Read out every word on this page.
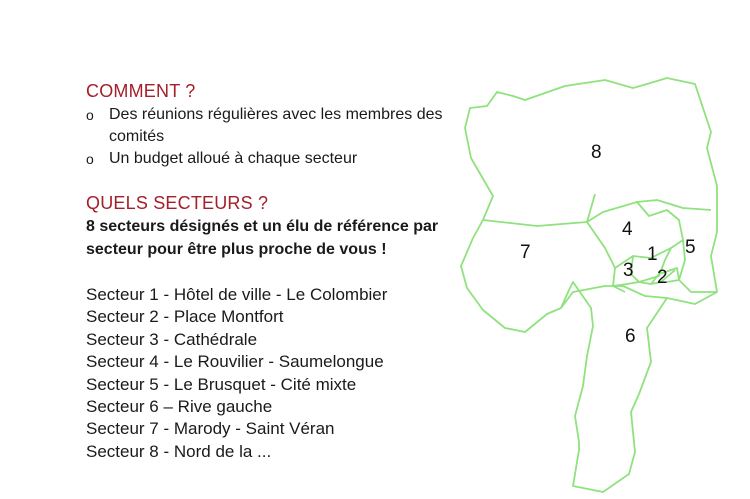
COMMENT ?
o Des réunions régulières avec les membres des comités
o Un budget alloué à chaque secteur
QUELS SECTEURS ?
8 secteurs désignés et un élu de référence par secteur pour être plus proche de vous !
Secteur 1 - Hôtel de ville - Le Colombier
Secteur 2 - Place Montfort
Secteur 3 - Cathédrale
Secteur 4 - Le Rouvilier - Saumelongue
Secteur 5 - Le Brusquet - Cité mixte
Secteur 6 – Rive gauche
Secteur 7 - Marody - Saint Véran
Secteur 8 - Nord de la ...
8
4
7	1 5
3 2
6
